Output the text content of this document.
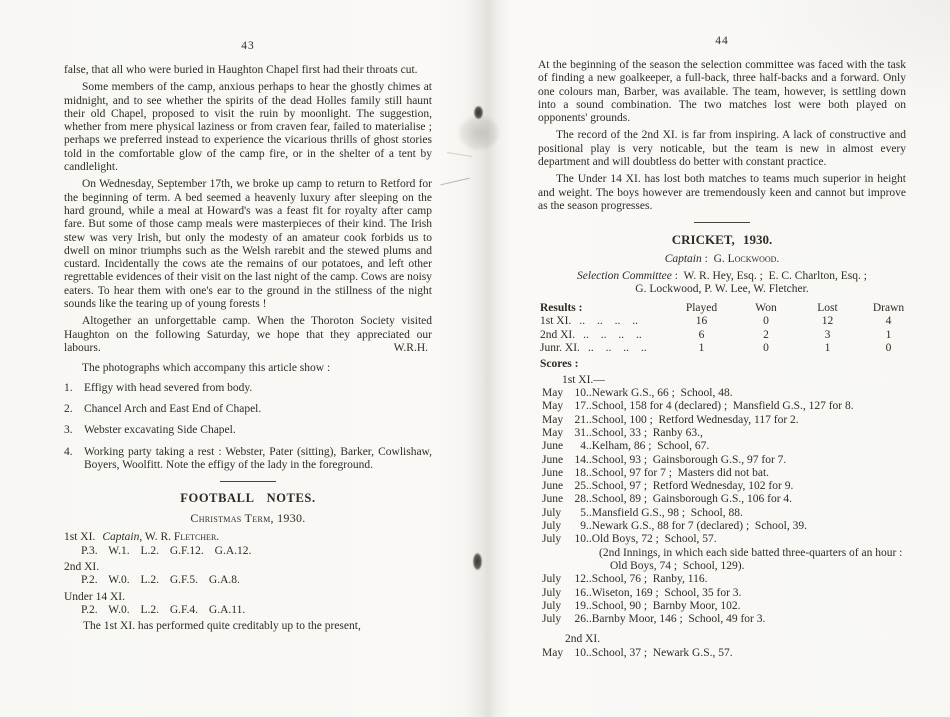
43

false, that all who were buried in Haughton Chapel first had their throats cut.

Some members of the camp, anxious perhaps to hear the ghostly chimes at midnight, and to see whether the spirits of the dead Holles family still haunt their old Chapel, proposed to visit the ruin by moonlight. The suggestion, whether from mere physical laziness or from craven fear, failed to materialise ; perhaps we preferred instead to experience the vicarious thrills of ghost stories told in the comfortable glow of the camp fire, or in the shelter of a tent by candlelight.

On Wednesday, September 17th, we broke up camp to return to Retford for the beginning of term. A bed seemed a heavenly luxury after sleeping on the hard ground, while a meal at Howard's was a feast fit for royalty after camp fare. But some of those camp meals were masterpieces of their kind. The Irish stew was very Irish, but only the modesty of an amateur cook forbids us to dwell on minor triumphs such as the Welsh rarebit and the stewed plums and custard. Incidentally the cows ate the remains of our potatoes, and left other regrettable evidences of their visit on the last night of the camp. Cows are noisy eaters. To hear them with one's ear to the ground in the stillness of the night sounds like the tearing up of young forests !

Altogether an unforgettable camp. When the Thoroton Society visited Haughton on the following Saturday, we hope that they appreciated our labours.	W.R.H.
The photographs which accompany this article show :
1. Effigy with head severed from body.
2. Chancel Arch and East End of Chapel.
3. Webster excavating Side Chapel.
4. Working party taking a rest : Webster, Pater (sitting), Barker, Cowlishaw, Boyers, Woolfitt. Note the effigy of the lady in the foreground.
FOOTBALL NOTES.
Christmas Term, 1930.
1st XI. Captain, W. R. Fletcher.
P.3. W.1. L.2. G.F.12. G.A.12.
2nd XI.
P.2. W.0. L.2. G.F.5. G.A.8.
Under 14 XI.
P.2. W.0. L.2. G.F.4. G.A.11.
The 1st XI. has performed quite creditably up to the present,
44

At the beginning of the season the selection committee was faced with the task of finding a new goalkeeper, a full-back, three half-backs and a forward. Only one colours man, Barber, was available. The team, however, is settling down into a sound combination. The two matches lost were both played on opponents' grounds.

The record of the 2nd XI. is far from inspiring. A lack of constructive and positional play is very noticable, but the team is new in almost every department and will doubtless do better with constant practice.

The Under 14 XI. has lost both matches to teams much superior in height and weight. The boys however are tremendously keen and cannot but improve as the season progresses.

CRICKET, 1930.
Captain :  G. Lockwood.
Selection Committee :  W. R. Hey, Esq. ;  E. C. Charlton, Esq. ;
G. Lockwood, P. W. Lee, W. Fletcher.
Results :	Played	Won	Lost	Drawn
1st XI. .. .. .. ..	16	0	12	4
2nd XI. .. .. .. ..	6	2	3	1
Junr. XI. .. .. .. ..	1	0	1	0
Scores :
1st XI.—
May 10..Newark G.S., 66 ;  School, 48.
May 17..School, 158 for 4 (declared) ;  Mansfield G.S., 127 for 8.
May 21..School, 100 ;  Retford Wednesday, 117 for 2.
May 31..School, 33 ;  Ranby 63.,
June 4..Kelham, 86 ;  School, 67.
June 14..School, 93 ;  Gainsborough G.S., 97 for 7.
June 18..School, 97 for 7 ;  Masters did not bat.
June 25..School, 97 ;  Retford Wednesday, 102 for 9.
June 28..School, 89 ;  Gainsborough G.S., 106 for 4.
July 5..Mansfield G.S., 98 ;  School, 88.
July 9..Newark G.S., 88 for 7 (declared) ;  School, 39.
July 10..Old Boys, 72 ;  School, 57.
(2nd Innings, in which each side batted three-quarters of an hour :  Old Boys, 74 ;  School, 129).
July 12..School, 76 ;  Ranby, 116.
July 16..Wiseton, 169 ;  School, 35 for 3.
July 19..School, 90 ;  Barnby Moor, 102.
July 26..Barnby Moor, 146 ;  School, 49 for 3.
2nd XI.
May 10..School, 37 ;  Newark G.S., 57.
